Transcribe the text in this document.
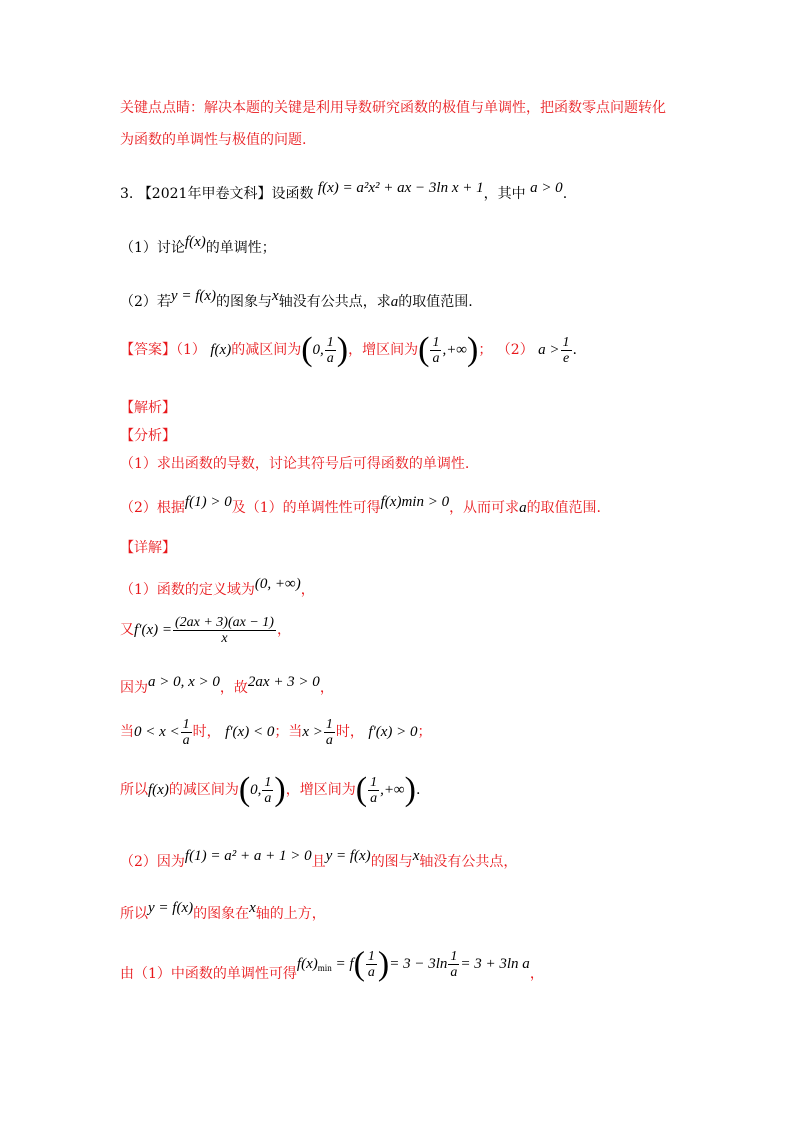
关键点点睛：解决本题的关键是利用导数研究函数的极值与单调性，把函数零点问题转化
为函数的单调性与极值的问题.
3. 【2021年甲卷文科】设函数 f(x) = a²x² + ax − 3ln x + 1，其中 a > 0.
（1）讨论f(x)的单调性；
（2）若y = f(x)的图象与x轴没有公共点，求a的取值范围.
【答案】（1） f(x)的减区间为(0, $\frac{1}{a}$ )，增区间为( $\frac{1}{a}$ ,+∞)； （2） $a > \frac{1}{e}$ .
【解析】
【分析】
（1）求出函数的导数，讨论其符号后可得函数的单调性.
（2）根据f(1) > 0及（1）的单调性性可得f(x)min > 0，从而可求a的取值范围.
【详解】
（1）函数的定义域为(0, +∞)，
又$f'(x) = \frac{(2ax + 3)(ax - 1)}{x}$ ，
因为a > 0, x > 0，故2ax + 3 > 0，
当$0 < x < \frac{1}{a}$ 时， f′(x) < 0；当$x > \frac{1}{a}$ 时， f′(x) > 0；
所以f(x)的减区间为(0, $\frac{1}{a}$ )，增区间为( $\frac{1}{a}$ ,+∞).
（2）因为f(1) = a² + a + 1 > 0且y = f(x)的图与x轴没有公共点，
所以y = f(x)的图象在x轴的上方，
由（1）中函数的单调性可得$f(x)_{min} = f( \frac{1}{a}$ )= $3 - 3\ln \frac{1}{a} = 3 + 3\ln$ a，
